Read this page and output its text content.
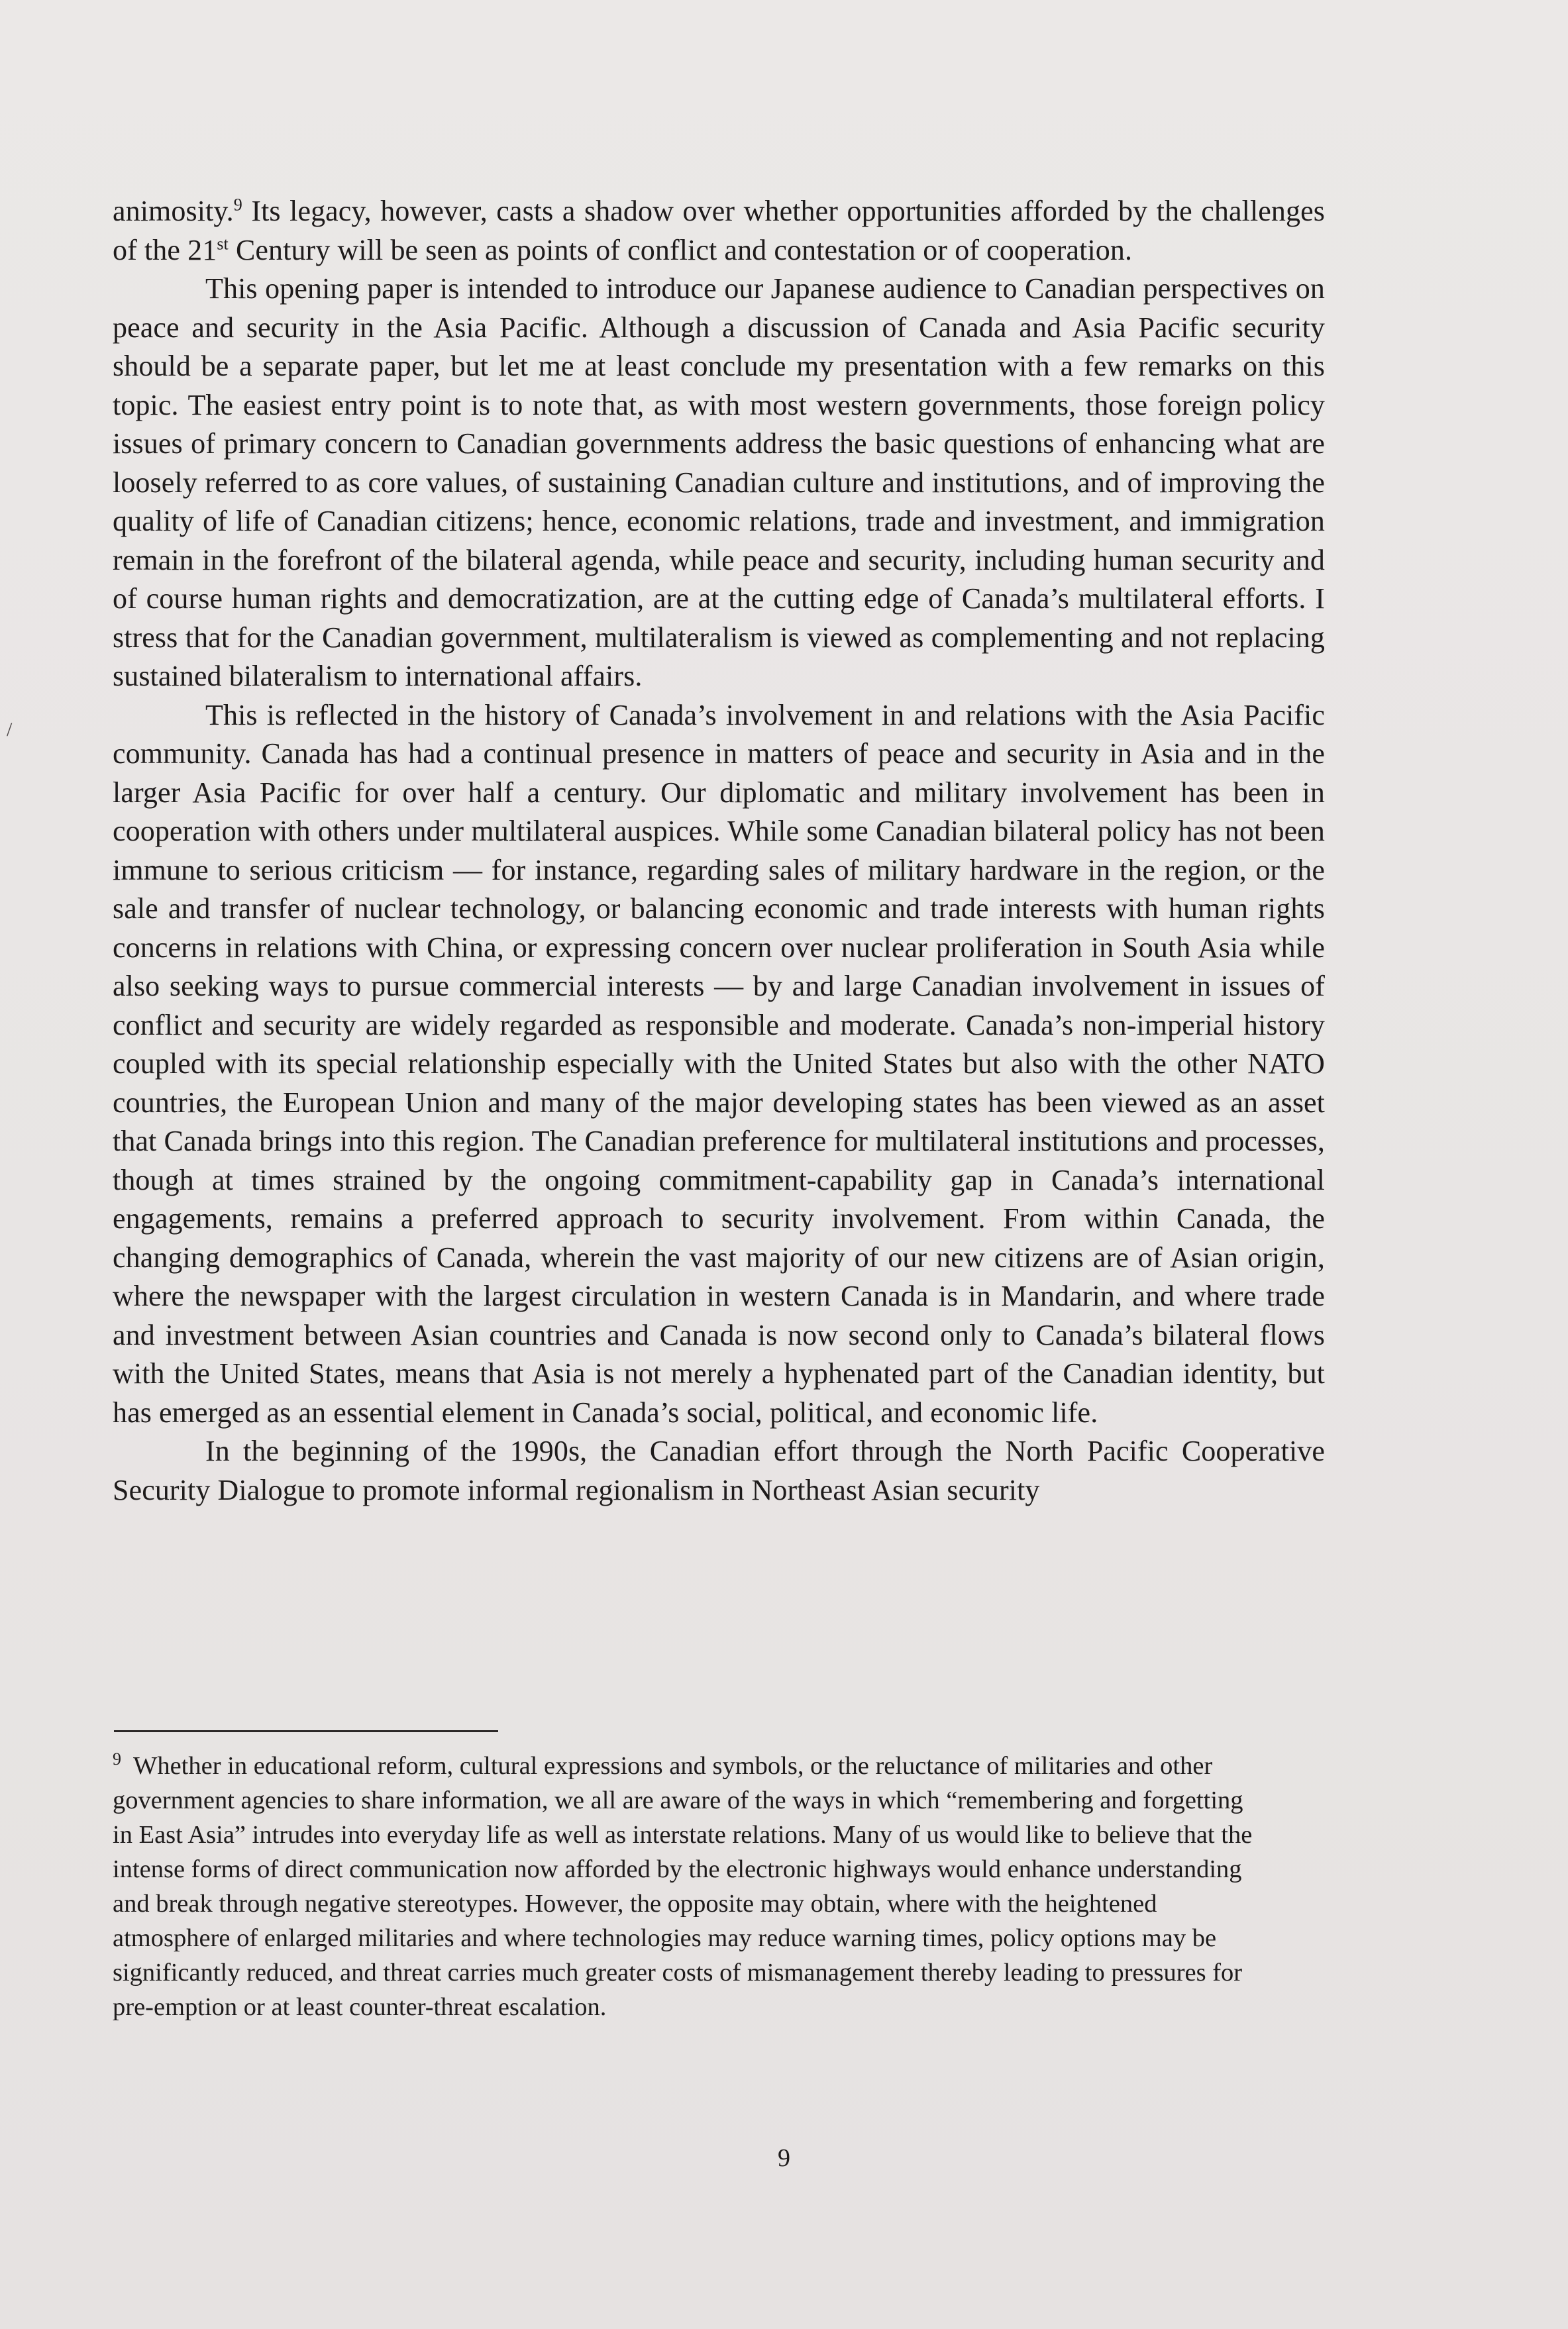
animosity.$^9$ Its legacy, however, casts a shadow over whether opportunities afforded by the challenges of the 21st Century will be seen as points of conflict and contestation or of cooperation.

This opening paper is intended to introduce our Japanese audience to Canadian perspectives on peace and security in the Asia Pacific. Although a discussion of Canada and Asia Pacific security should be a separate paper, but let me at least conclude my presentation with a few remarks on this topic. The easiest entry point is to note that, as with most western governments, those foreign policy issues of primary concern to Canadian governments address the basic questions of enhancing what are loosely referred to as core values, of sustaining Canadian culture and institutions, and of improving the quality of life of Canadian citizens; hence, economic relations, trade and investment, and immigration remain in the forefront of the bilateral agenda, while peace and security, including human security and of course human rights and democratization, are at the cutting edge of Canada’s multilateral efforts. I stress that for the Canadian government, multilateralism is viewed as complementing and not replacing sustained bilateralism to international affairs.

This is reflected in the history of Canada’s involvement in and relations with the Asia Pacific community. Canada has had a continual presence in matters of peace and security in Asia and in the larger Asia Pacific for over half a century. Our diplomatic and military involvement has been in cooperation with others under multilateral auspices. While some Canadian bilateral policy has not been immune to serious criticism — for instance, regarding sales of military hardware in the region, or the sale and transfer of nuclear technology, or balancing economic and trade interests with human rights concerns in relations with China, or expressing concern over nuclear proliferation in South Asia while also seeking ways to pursue commercial interests — by and large Canadian involvement in issues of conflict and security are widely regarded as responsible and moderate. Canada’s non-imperial history coupled with its special relationship especially with the United States but also with the other NATO countries, the European Union and many of the major developing states has been viewed as an asset that Canada brings into this region. The Canadian preference for multilateral institutions and processes, though at times strained by the ongoing commitment-capability gap in Canada’s international engagements, remains a preferred approach to security involvement. From within Canada, the changing demographics of Canada, wherein the vast majority of our new citizens are of Asian origin, where the newspaper with the largest circulation in western Canada is in Mandarin, and where trade and investment between Asian countries and Canada is now second only to Canada’s bilateral flows with the United States, means that Asia is not merely a hyphenated part of the Canadian identity, but has emerged as an essential element in Canada’s social, political, and economic life.

In the beginning of the 1990s, the Canadian effort through the North Pacific Cooperative Security Dialogue to promote informal regionalism in Northeast Asian security

$^9$ Whether in educational reform, cultural expressions and symbols, or the reluctance of militaries and other government agencies to share information, we all are aware of the ways in which “remembering and forgetting in East Asia” intrudes into everyday life as well as interstate relations. Many of us would like to believe that the intense forms of direct communication now afforded by the electronic highways would enhance understanding and break through negative stereotypes. However, the opposite may obtain, where with the heightened atmosphere of enlarged militaries and where technologies may reduce warning times, policy options may be significantly reduced, and threat carries much greater costs of mismanagement thereby leading to pressures for pre-emption or at least counter-threat escalation.

9
/
